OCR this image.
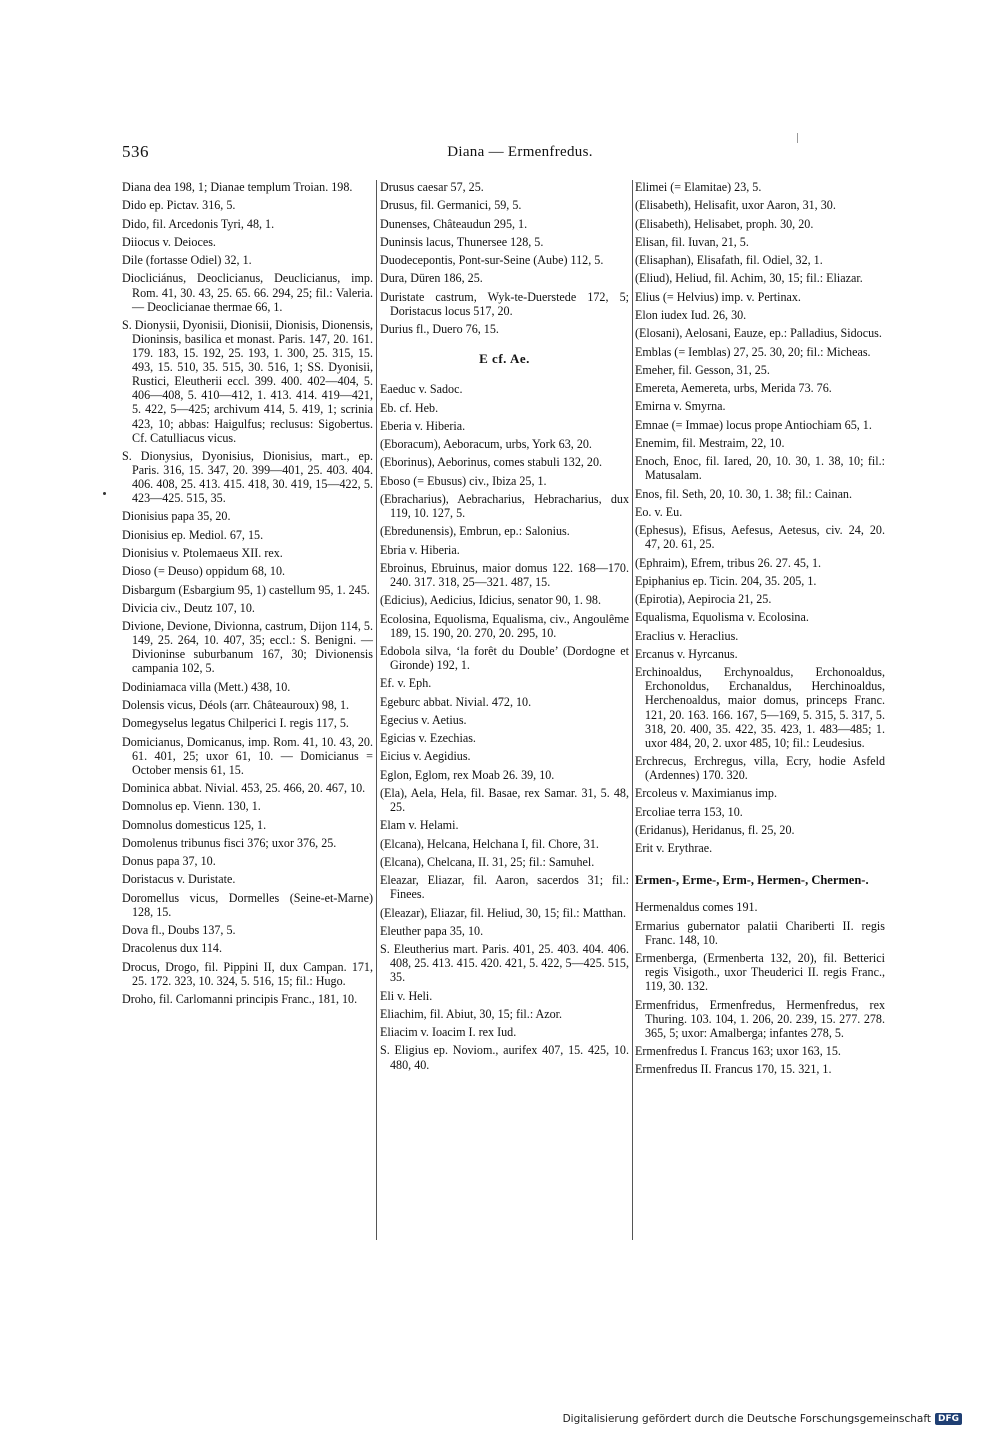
536	Diana — Ermenfredus.

Diana dea 198, 1; Dianae templum Troian. 198.

Dido ep. Pictav. 316, 5.

Dido, fil. Arcedonis Tyri, 48, 1.

Diiocus v. Deioces.

Dile (fortasse Odiel) 32, 1.

Diocliciánus, Deoclicianus, Deuclicianus, imp. Rom. 41, 30. 43, 25. 65. 66. 294, 25; fil.: Valeria. — Deoclicianae thermae 66, 1.

S. Dionysii, Dyonisii, Dionisii, Dionisis, Dionensis, Dioninsis, basilica et monast. Paris. 147, 20. 161. 179. 183, 15. 192, 25. 193, 1. 300, 25. 315, 15. 493, 15. 510, 35. 515, 30. 516, 1; SS. Dyonisii, Rustici, Eleutherii eccl. 399. 400. 402—404, 5. 406—408, 5. 410—412, 1. 413. 414. 419—421, 5. 422, 5—425; archivum 414, 5. 419, 1; scrinia 423, 10; abbas: Haigulfus; reclusus: Sigobertus. Cf. Catulliacus vicus.

S. Dionysius, Dyonisius, Dionisius, mart., ep. Paris. 316, 15. 347, 20. 399—401, 25. 403. 404. 406. 408, 25. 413. 415. 418, 30. 419, 15—422, 5. 423—425. 515, 35.

Dionisius papa 35, 20.

Dionisius ep. Mediol. 67, 15.

Dionisius v. Ptolemaeus XII. rex.

Dioso (= Deuso) oppidum 68, 10.

Disbargum (Esbargium 95, 1) castellum 95, 1. 245.

Divicia civ., Deutz 107, 10.

Divione, Devione, Divionna, castrum, Dijon 114, 5. 149, 25. 264, 10. 407, 35; eccl.: S. Benigni. — Divioninse suburbanum 167, 30; Divionensis campania 102, 5.

Dodiniamaca villa (Mett.) 438, 10.

Dolensis vicus, Déols (arr. Châteauroux) 98, 1.

Domegyselus legatus Chilperici I. regis 117, 5.

Domicianus, Domicanus, imp. Rom. 41, 10. 43, 20. 61. 401, 25; uxor 61, 10. — Domicianus = October mensis 61, 15.

Dominica abbat. Nivial. 453, 25. 466, 20. 467, 10.

Domnolus ep. Vienn. 130, 1.

Domnolus domesticus 125, 1.

Domolenus tribunus fisci 376; uxor 376, 25.

Donus papa 37, 10.

Doristacus v. Duristate.

Doromellus vicus, Dormelles (Seine-et-Marne) 128, 15.

Dova fl., Doubs 137, 5.

Dracolenus dux 114.

Drocus, Drogo, fil. Pippini II, dux Campan. 171, 25. 172. 323, 10. 324, 5. 516, 15; fil.: Hugo.

Droho, fil. Carlomanni principis Franc., 181, 10.

Drusus caesar 57, 25.

Drusus, fil. Germanici, 59, 5.

Dunenses, Châteaudun 295, 1.

Duninsis lacus, Thunersee 128, 5.

Duodecepontis, Pont-sur-Seine (Aube) 112, 5.

Dura, Düren 186, 25.

Duristate castrum, Wyk-te-Duerstede 172, 5; Doristacus locus 517, 20.

Durius fl., Duero 76, 15.

E cf. Ae.

Eaeduc v. Sadoc.

Eb. cf. Heb.

Eberia v. Hiberia.

(Eboracum), Aeboracum, urbs, York 63, 20.

(Eborinus), Aeborinus, comes stabuli 132, 20.

Eboso (= Ebusus) civ., Ibiza 25, 1.

(Ebracharius), Aebracharius, Hebracharius, dux 119, 10. 127, 5.

(Ebredunensis), Embrun, ep.: Salonius.

Ebria v. Hiberia.

Ebroinus, Ebruinus, maior domus 122. 168—170. 240. 317. 318, 25—321. 487, 15.

(Edicius), Aedicius, Idicius, senator 90, 1. 98.

Ecolosina, Equolisma, Equalisma, civ., Angoulême 189, 15. 190, 20. 270, 20. 295, 10.

Edobola silva, ‘la forêt du Double’ (Dordogne et Gironde) 192, 1.

Ef. v. Eph.

Egeburc abbat. Nivial. 472, 10.

Egecius v. Aetius.

Egicias v. Ezechias.

Eicius v. Aegidius.

Eglon, Eglom, rex Moab 26. 39, 10.

(Ela), Aela, Hela, fil. Basae, rex Samar. 31, 5. 48, 25.

Elam v. Helami.

(Elcana), Helcana, Helchana I, fil. Chore, 31.

(Elcana), Chelcana, II. 31, 25; fil.: Samuhel.

Eleazar, Eliazar, fil. Aaron, sacerdos 31; fil.: Finees.

(Eleazar), Eliazar, fil. Heliud, 30, 15; fil.: Matthan.

Eleuther papa 35, 10.

S. Eleutherius mart. Paris. 401, 25. 403. 404. 406. 408, 25. 413. 415. 420. 421, 5. 422, 5—425. 515, 35.

Eli v. Heli.

Eliachim, fil. Abiut, 30, 15; fil.: Azor.

Eliacim v. Ioacim I. rex Iud.

S. Eligius ep. Noviom., aurifex 407, 15. 425, 10. 480, 40.

Elimei (= Elamitae) 23, 5.

(Elisabeth), Helisafit, uxor Aaron, 31, 30.

(Elisabeth), Helisabet, proph. 30, 20.

Elisan, fil. Iuvan, 21, 5.

(Elisaphan), Elisafath, fil. Odiel, 32, 1.

(Eliud), Heliud, fil. Achim, 30, 15; fil.: Eliazar.

Elius (= Helvius) imp. v. Pertinax.

Elon iudex Iud. 26, 30.

(Elosani), Aelosani, Eauze, ep.: Palladius, Sidocus.

Emblas (= Iemblas) 27, 25. 30, 20; fil.: Micheas.

Emeher, fil. Gesson, 31, 25.

Emereta, Aemereta, urbs, Merida 73. 76.

Emirna v. Smyrna.

Emnae (= Immae) locus prope Antiochiam 65, 1.

Enemim, fil. Mestraim, 22, 10.

Enoch, Enoc, fil. Iared, 20, 10. 30, 1. 38, 10; fil.: Matusalam.

Enos, fil. Seth, 20, 10. 30, 1. 38; fil.: Cainan.

Eo. v. Eu.

(Ephesus), Efisus, Aefesus, Aetesus, civ. 24, 20. 47, 20. 61, 25.

(Ephraim), Efrem, tribus 26. 27. 45, 1.

Epiphanius ep. Ticin. 204, 35. 205, 1.

(Epirotia), Aepirocia 21, 25.

Equalisma, Equolisma v. Ecolosina.

Eraclius v. Heraclius.

Ercanus v. Hyrcanus.

Erchinoaldus, Erchynoaldus, Erchonoaldus, Erchonoldus, Erchanaldus, Herchinoaldus, Herchenoaldus, maior domus, princeps Franc. 121, 20. 163. 166. 167, 5—169, 5. 315, 5. 317, 5. 318, 20. 400, 35. 422, 35. 423, 1. 483—485; 1. uxor 484, 20, 2. uxor 485, 10; fil.: Leudesius.

Erchrecus, Erchregus, villa, Ecry, hodie Asfeld (Ardennes) 170. 320.

Ercoleus v. Maximianus imp.

Ercoliae terra 153, 10.

(Eridanus), Heridanus, fl. 25, 20.

Erit v. Erythrae.

Ermen-, Erme-, Erm-, Hermen-, Chermen-.

Hermenaldus comes 191.

Ermarius gubernator palatii Chariberti II. regis Franc. 148, 10.

Ermenberga, (Ermenberta 132, 20), fil. Betterici regis Visigoth., uxor Theuderici II. regis Franc., 119, 30. 132.

Ermenfridus, Ermenfredus, Hermenfredus, rex Thuring. 103. 104, 1. 206, 20. 239, 15. 277. 278. 365, 5; uxor: Amalberga; infantes 278, 5.

Ermenfredus I. Francus 163; uxor 163, 15.

Ermenfredus II. Francus 170, 15. 321, 1.

Digitalisierung gefördert durch die Deutsche Forschungsgemeinschaft DFG
